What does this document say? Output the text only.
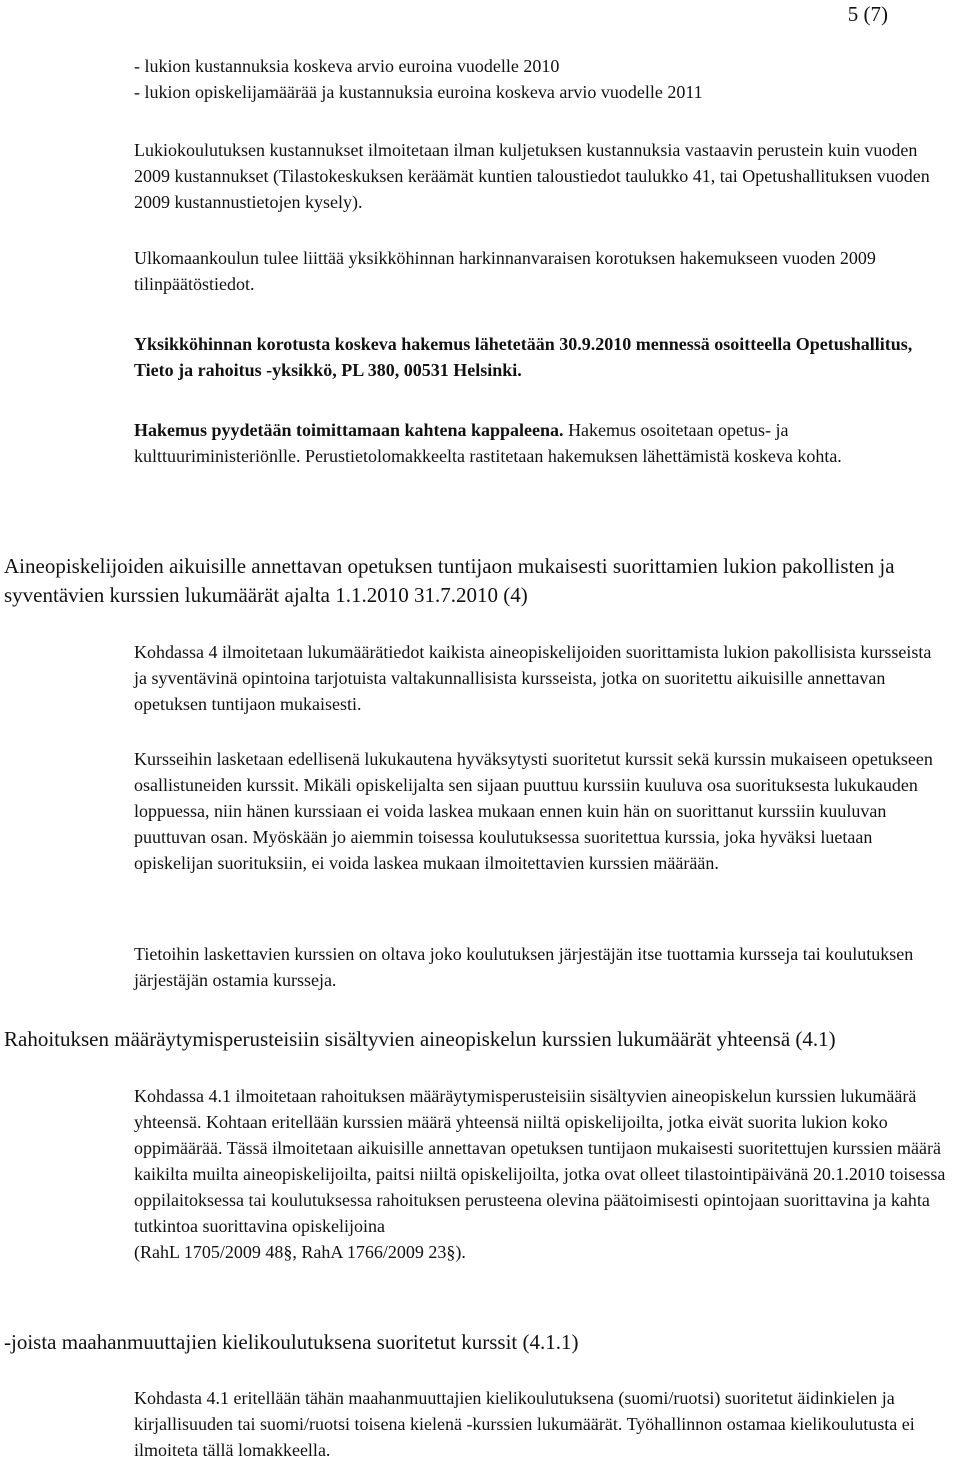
5 (7)
- lukion kustannuksia koskeva arvio euroina vuodelle 2010
- lukion opiskelijamäärää ja kustannuksia euroina koskeva arvio vuodelle 2011

Lukiokoulutuksen kustannukset ilmoitetaan ilman kuljetuksen kustannuksia vastaavin perustein kuin vuoden 2009 kustannukset (Tilastokeskuksen keräämät kuntien taloustiedot taulukko 41, tai Opetushallituksen vuoden 2009 kustannustietojen kysely).

Ulkomaankoulun tulee liittää yksikköhinnan harkinnanvaraisen korotuksen hakemukseen vuoden 2009 tilinpäätöstiedot.

Yksikköhinnan korotusta koskeva hakemus lähetetään 30.9.2010 mennessä osoitteella Opetushallitus, Tieto ja rahoitus -yksikkö, PL 380, 00531 Helsinki.

Hakemus pyydetään toimittamaan kahtena kappaleena. Hakemus osoitetaan opetus- ja kulttuuriministeriönlle. Perustietolomakkeelta rastitetaan hakemuksen lähettämistä koskeva kohta.

Aineopiskelijoiden aikuisille annettavan opetuksen tuntijaon mukaisesti suorittamien lukion pakollisten ja syventävien kurssien lukumäärät ajalta 1.1.2010 31.7.2010 (4)

Kohdassa 4 ilmoitetaan lukumäärätiedot kaikista aineopiskelijoiden suorittamista lukion pakollisista kursseista ja syventävinä opintoina tarjotuista valtakunnallisista kursseista, jotka on suoritettu aikuisille annettavan opetuksen tuntijaon mukaisesti.

Kursseihin lasketaan edellisenä lukukautena hyväksytysti suoritetut kurssit sekä kurssin mukaiseen opetukseen osallistuneiden kurssit. Mikäli opiskelijalta sen sijaan puuttuu kurssiin kuuluva osa suorituksesta lukukauden loppuessa, niin hänen kurssiaan ei voida laskea mukaan ennen kuin hän on suorittanut kurssiin kuuluvan puuttuvan osan. Myöskään jo aiemmin toisessa koulutuksessa suoritettua kurssia, joka hyväksi luetaan opiskelijan suorituksiin, ei voida laskea mukaan ilmoitettavien kurssien määrään.

Tietoihin laskettavien kurssien on oltava joko koulutuksen järjestäjän itse tuottamia kursseja tai koulutuksen järjestäjän ostamia kursseja.

Rahoituksen määräytymisperusteisiin sisältyvien aineopiskelun kurssien lukumäärät yhteensä (4.1)

Kohdassa 4.1 ilmoitetaan rahoituksen määräytymisperusteisiin sisältyvien aineopiskelun kurssien lukumäärä yhteensä. Kohtaan eritellään kurssien määrä yhteensä niiltä opiskelijoilta, jotka eivät suorita lukion koko oppimäärää. Tässä ilmoitetaan aikuisille annettavan opetuksen tuntijaon mukaisesti suoritettujen kurssien määrä kaikilta muilta aineopiskelijoilta, paitsi niiltä opiskelijoilta, jotka ovat olleet tilastointipäivänä 20.1.2010 toisessa oppilaitoksessa tai koulutuksessa rahoituksen perusteena olevina päätoimisesti opintojaan suorittavina ja kahta tutkintoa suorittavina opiskelijoina
(RahL 1705/2009 48§, RahA 1766/2009 23§).

-joista maahanmuuttajien kielikoulutuksena suoritetut kurssit (4.1.1)

Kohdasta 4.1 eritellään tähän maahanmuuttajien kielikoulutuksena (suomi/ruotsi) suoritetut äidinkielen ja kirjallisuuden tai suomi/ruotsi toisena kielenä -kurssien lukumäärät. Työhallinnon ostamaa kielikoulutusta ei ilmoiteta tällä lomakkeella.
